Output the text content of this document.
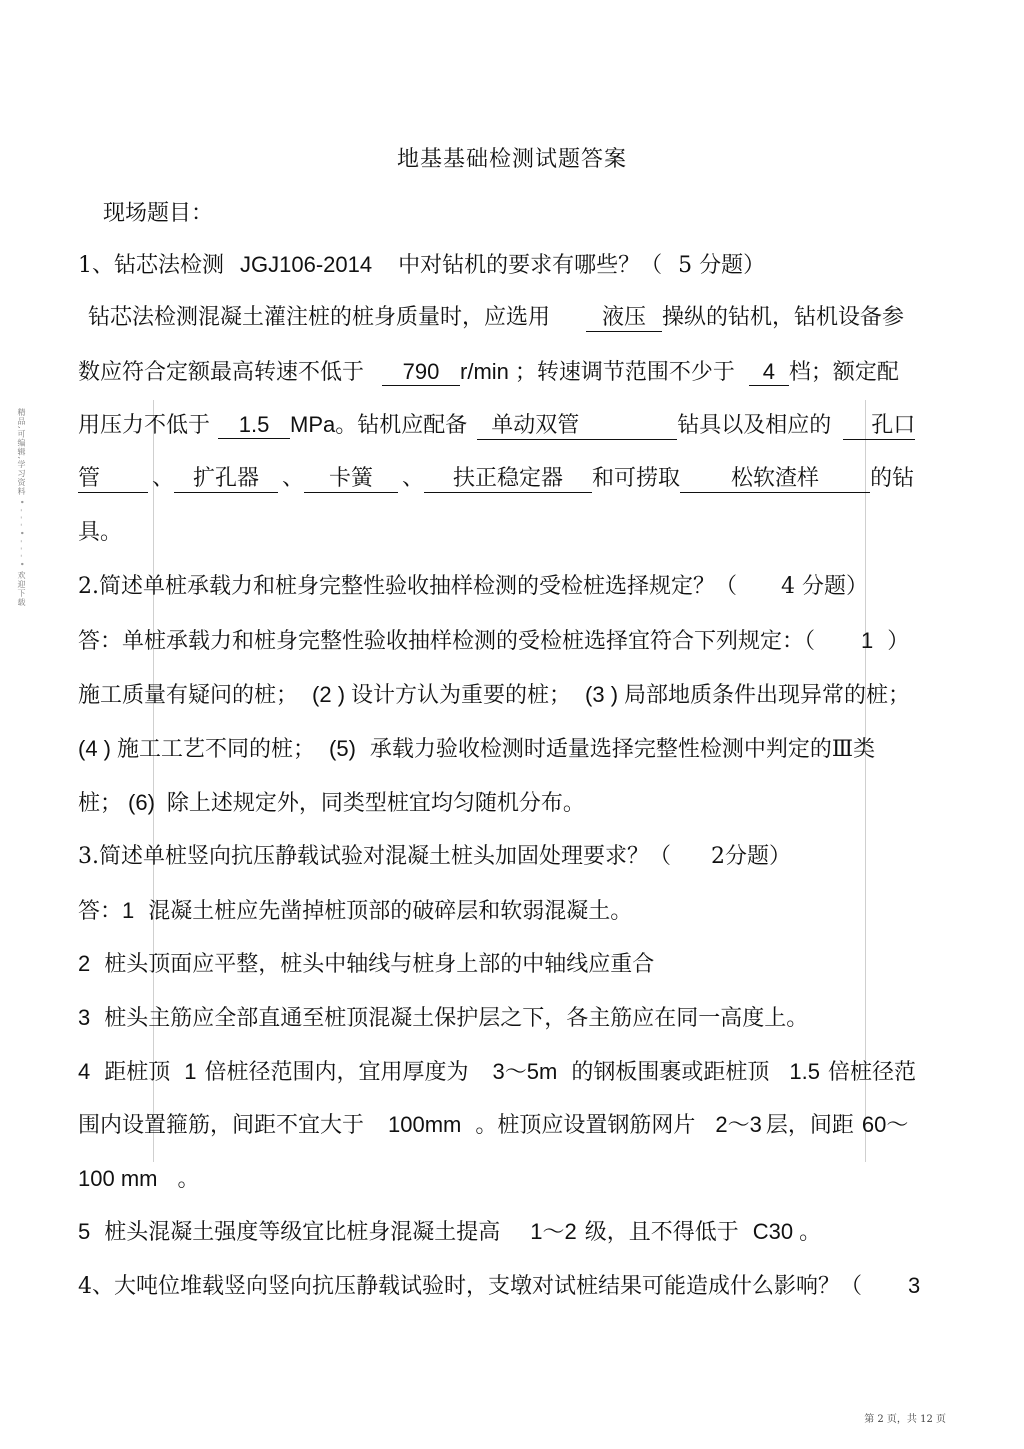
精品,可编辑,学习资料 • - - - • - - - • 欢迎下载
地基基础检测试题答案
现场题目：
1、钻芯法检测 JGJ106-2014 中对钻机的要求有哪些？（ 5 分题）
钻芯法检测混凝土灌注桩的桩身质量时，应选用 液压 操纵的钻机，钻机设备参
数应符合定额最高转速不低于 790 r/min ；转速调节范围不少于 4 档；额定配
用压力不低于 1.5 MPa。钻机应配备 单动双管	钻具以及相应的 孔口
管 、 扩孔器 、 卡簧 、 扶正稳定器 和可捞取 松软渣样 的钻
具。
2.简述单桩承载力和桩身完整性验收抽样检测的受检桩选择规定？（ 4 分题）
答：单桩承载力和桩身完整性验收抽样检测的受检桩选择宜符合下列规定：（ 1 ）
施工质量有疑问的桩； (2 ) 设计方认为重要的桩； (3 ) 局部地质条件出现异常的桩；
(4 ) 施工工艺不同的桩； (5) 承载力验收检测时适量选择完整性检测中判定的Ⅲ类
桩； (6) 除上述规定外，同类型桩宜均匀随机分布。
3.简述单桩竖向抗压静载试验对混凝土桩头加固处理要求？（ 2分题）
答：1 混凝土桩应先凿掉桩顶部的破碎层和软弱混凝土。
2 桩头顶面应平整，桩头中轴线与桩身上部的中轴线应重合
3 桩头主筋应全部直通至桩顶混凝土保护层之下，各主筋应在同一高度上。
4 距桩顶 1 倍桩径范围内，宜用厚度为 3～5m 的钢板围裹或距桩顶 1.5 倍桩径范
围内设置箍筋，间距不宜大于 100mm 。桩顶应设置钢筋网片 2～3 层，间距 60～
100 mm 。
5 桩头混凝土强度等级宜比桩身混凝土提高 1～2 级，且不得低于 C30 。
4、大吨位堆载竖向竖向抗压静载试验时，支墩对试桩结果可能造成什么影响？（ 3
第 2 页，共 12 页
